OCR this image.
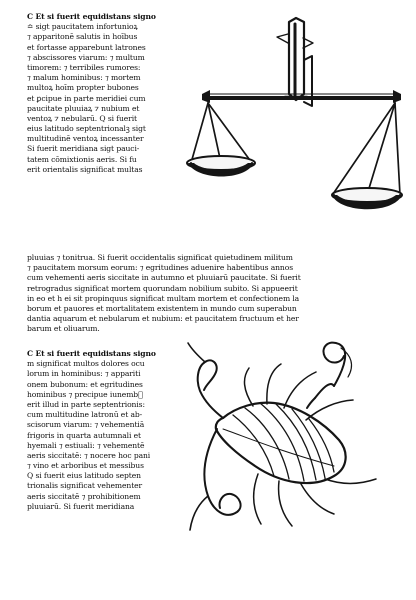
C Et si fuerit equidistans signo
≏ sigt paucitatem infortunioꝝ
⁊ apparitonē salutis in hoībus
et fortasse apparebunt latrones
⁊ abscissores viarum: ⁊ multum
timorem: ⁊ terribiles rumores:
⁊ malum hominibus: ⁊ mortem
multoꝝ hoīm propter bubones
et ꝑcipue in parte meridiei cum
paucitate pluuiaꝝ ⁊ nubium et
ventoꝝ ⁊ nebularū. Q si fuerit
eius latitudo septentrionalꝫ sigt
multitudinē ventoꝝ incessanter
Si fuerit meridiana sigt pauci-
tatem cōmixtionis aeris. Si fu
erit orientalis significat multas
pluuias ⁊ tonitrua. Si fuerit occidentalis significat quietudinem militum
⁊ paucitatem morsum eorum: ⁊ egritudines aduenire habentibus annos
cum vehementi aeris siccitate in autumno et pluuiarū paucitate. Si fuerit
retrogradus significat mortem quorundam nobilium subito. Si appueerit
in eo et h ei sit propinquus significat multam mortem et confectionem la
borum et pauores et mortalitatem existentem in mundo cum superabun
dantia aquarum et nebularum et nubium: et paucitatem fructuum et her
barum et oliuarum.
C Et si fuerit equidistans signo
m significat multos dolores ocu
lorum in hominibus: ⁊ appariti
onem bubonum: et egritudines
hominibus ⁊ precipue iunemb᷑
erit illud in parte septentrionis:
cum multitudine latronū et ab-
scisorum viarum: ⁊ vehementiā
frigoris in quarta autumnali et
hyemali ⁊ estiuali: ⁊ vehementē
aeris siccitatē: ⁊ nocere hoc pani
⁊ vino et arboribus et messibus
Q si fuerit eius latitudo septen
trionalis significat vehementer
aeris siccitatē ⁊ prohibitionem
pluuiarū. Si fuerit meridiana
